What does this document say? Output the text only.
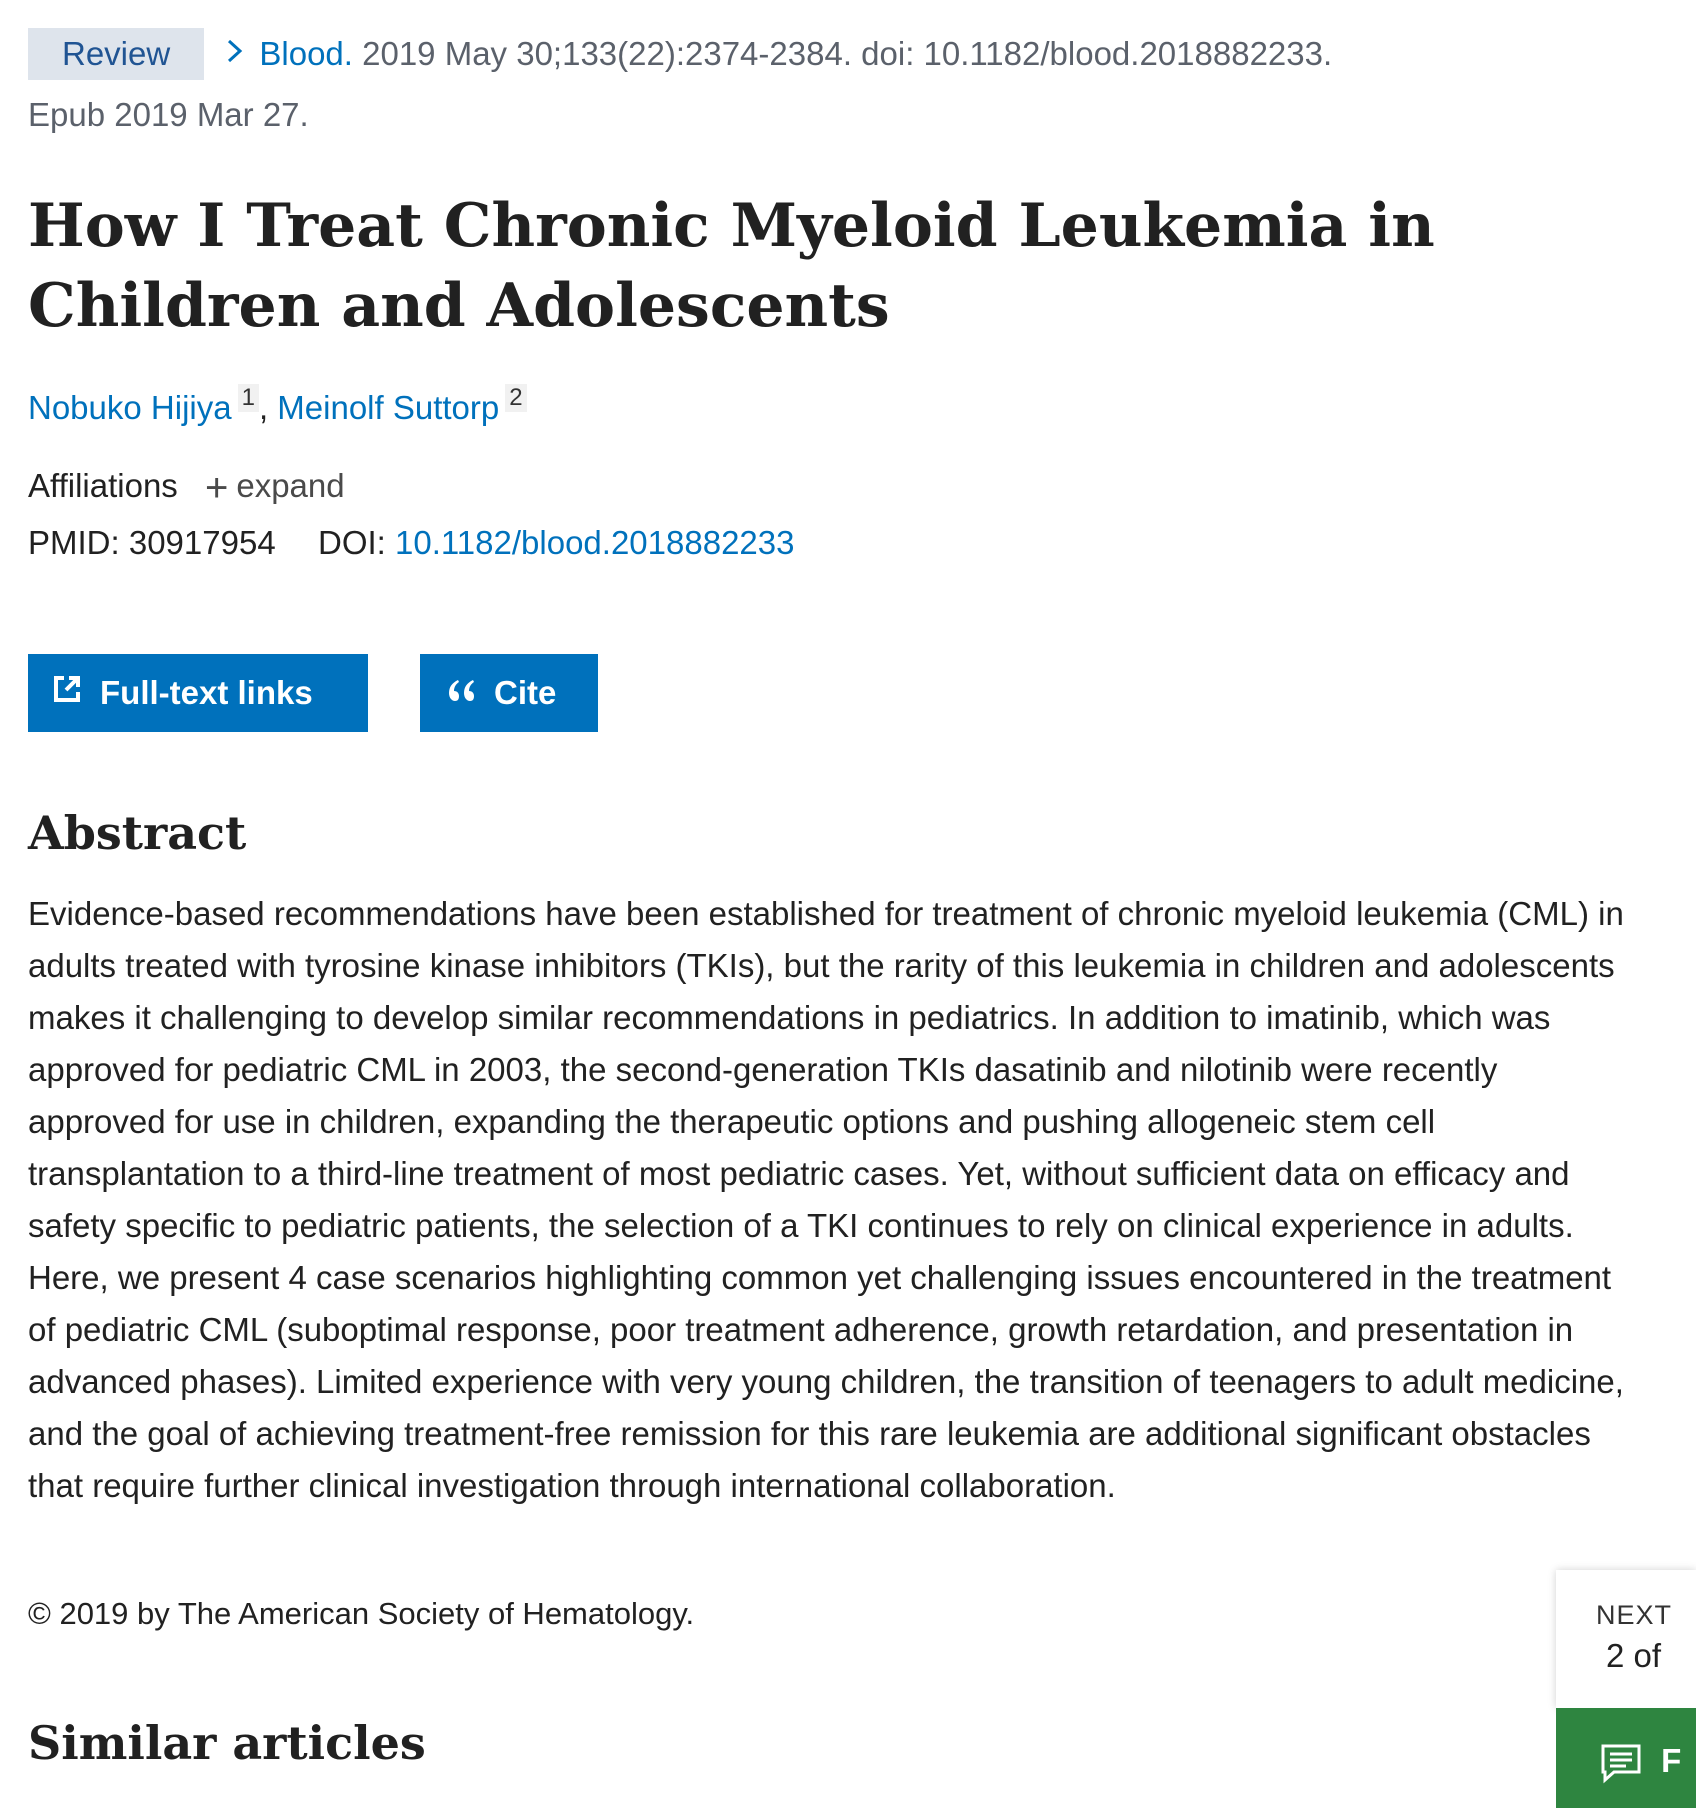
Review	Blood. 2019 May 30;133(22):2374-2384. doi: 10.1182/blood.2018882233.
Epub 2019 Mar 27.
How I Treat Chronic Myeloid Leukemia in Children and Adolescents
Nobuko Hijiya 1 , Meinolf Suttorp 2
Affiliations + expand
PMID: 30917954 DOI: 10.1182/blood.2018882233
Full-text links	Cite
Abstract

Evidence-based recommendations have been established for treatment of chronic myeloid leukemia (CML) in adults treated with tyrosine kinase inhibitors (TKIs), but the rarity of this leukemia in children and adolescents makes it challenging to develop similar recommendations in pediatrics. In addition to imatinib, which was approved for pediatric CML in 2003, the second-generation TKIs dasatinib and nilotinib were recently approved for use in children, expanding the therapeutic options and pushing allogeneic stem cell transplantation to a third-line treatment of most pediatric cases. Yet, without sufficient data on efficacy and safety specific to pediatric patients, the selection of a TKI continues to rely on clinical experience in adults. Here, we present 4 case scenarios highlighting common yet challenging issues encountered in the treatment of pediatric CML (suboptimal response, poor treatment adherence, growth retardation, and presentation in advanced phases). Limited experience with very young children, the transition of teenagers to adult medicine, and the goal of achieving treatment-free remission for this rare leukemia are additional significant obstacles that require further clinical investigation through international collaboration.

© 2019 by The American Society of Hematology.
Similar articles
NEXT
2 of
F
